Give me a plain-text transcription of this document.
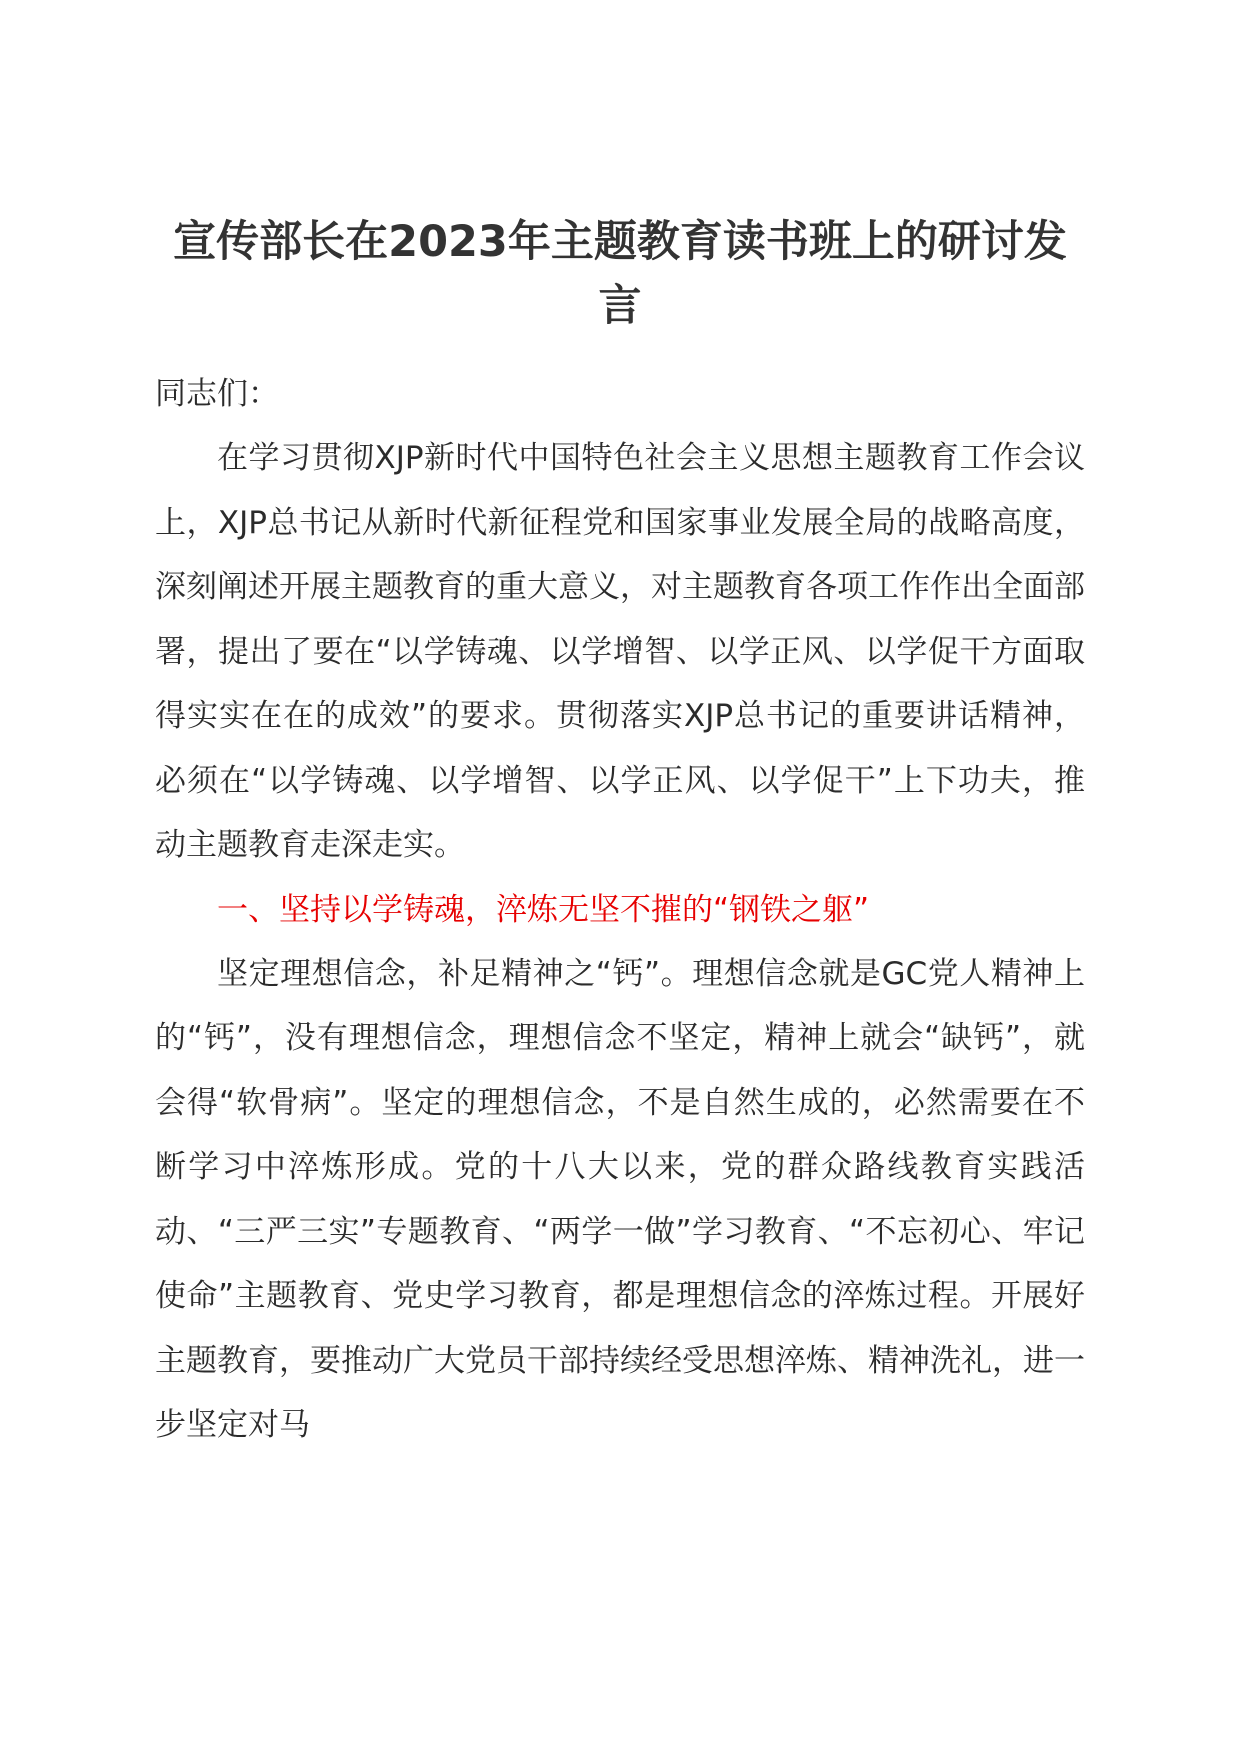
宣传部长在2023年主题教育读书班上的研讨发言

同志们：

在学习贯彻XJP新时代中国特色社会主义思想主题教育工作会议上，XJP总书记从新时代新征程党和国家事业发展全局的战略高度，深刻阐述开展主题教育的重大意义，对主题教育各项工作作出全面部署，提出了要在“以学铸魂、以学增智、以学正风、以学促干方面取得实实在在的成效”的要求。贯彻落实XJP总书记的重要讲话精神，必须在“以学铸魂、以学增智、以学正风、以学促干”上下功夫，推动主题教育走深走实。

一、坚持以学铸魂，淬炼无坚不摧的“钢铁之躯”

坚定理想信念，补足精神之“钙”。理想信念就是GC党人精神上的“钙”，没有理想信念，理想信念不坚定，精神上就会“缺钙”，就会得“软骨病”。坚定的理想信念，不是自然生成的，必然需要在不断学习中淬炼形成。党的十八大以来，党的群众路线教育实践活动、“三严三实”专题教育、“两学一做”学习教育、“不忘初心、牢记使命”主题教育、党史学习教育，都是理想信念的淬炼过程。开展好主题教育，要推动广大党员干部持续经受思想淬炼、精神洗礼，进一步坚定对马
